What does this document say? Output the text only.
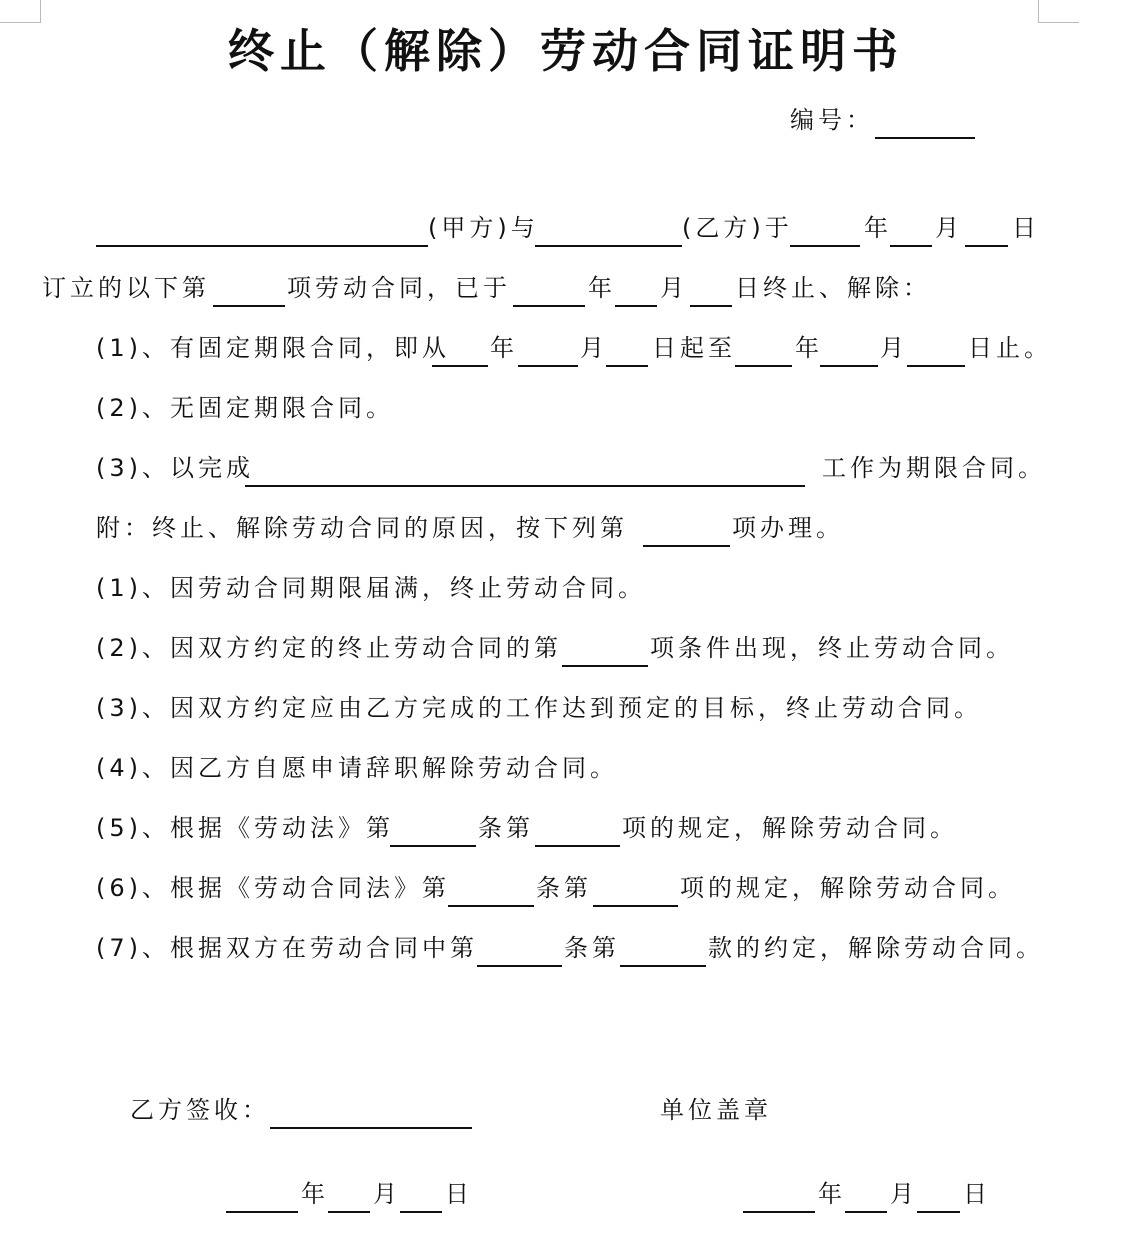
终止（解除）劳动合同证明书
编号：
(甲方)与	(乙方)于	年 月 日
订立的以下第	项劳动合同，已于	年 月 日终止、解除：
(1)、有固定期限合同，即从 年	月 日起至 年 月	日止。
(2)、无固定期限合同。
(3)、以完成	工作为期限合同。
附：终止、解除劳动合同的原因，按下列第	项办理。
(1)、因劳动合同期限届满，终止劳动合同。
(2)、因双方约定的终止劳动合同的第	项条件出现，终止劳动合同。
(3)、因双方约定应由乙方完成的工作达到预定的目标，终止劳动合同。
(4)、因乙方自愿申请辞职解除劳动合同。
(5)、根据《劳动法》第	条第	项的规定，解除劳动合同。
(6)、根据《劳动合同法》第	条第	项的规定，解除劳动合同。
(7)、根据双方在劳动合同中第	条第	款的约定，解除劳动合同。
乙方签收：	单位盖章
年 月 日	年 月 日
